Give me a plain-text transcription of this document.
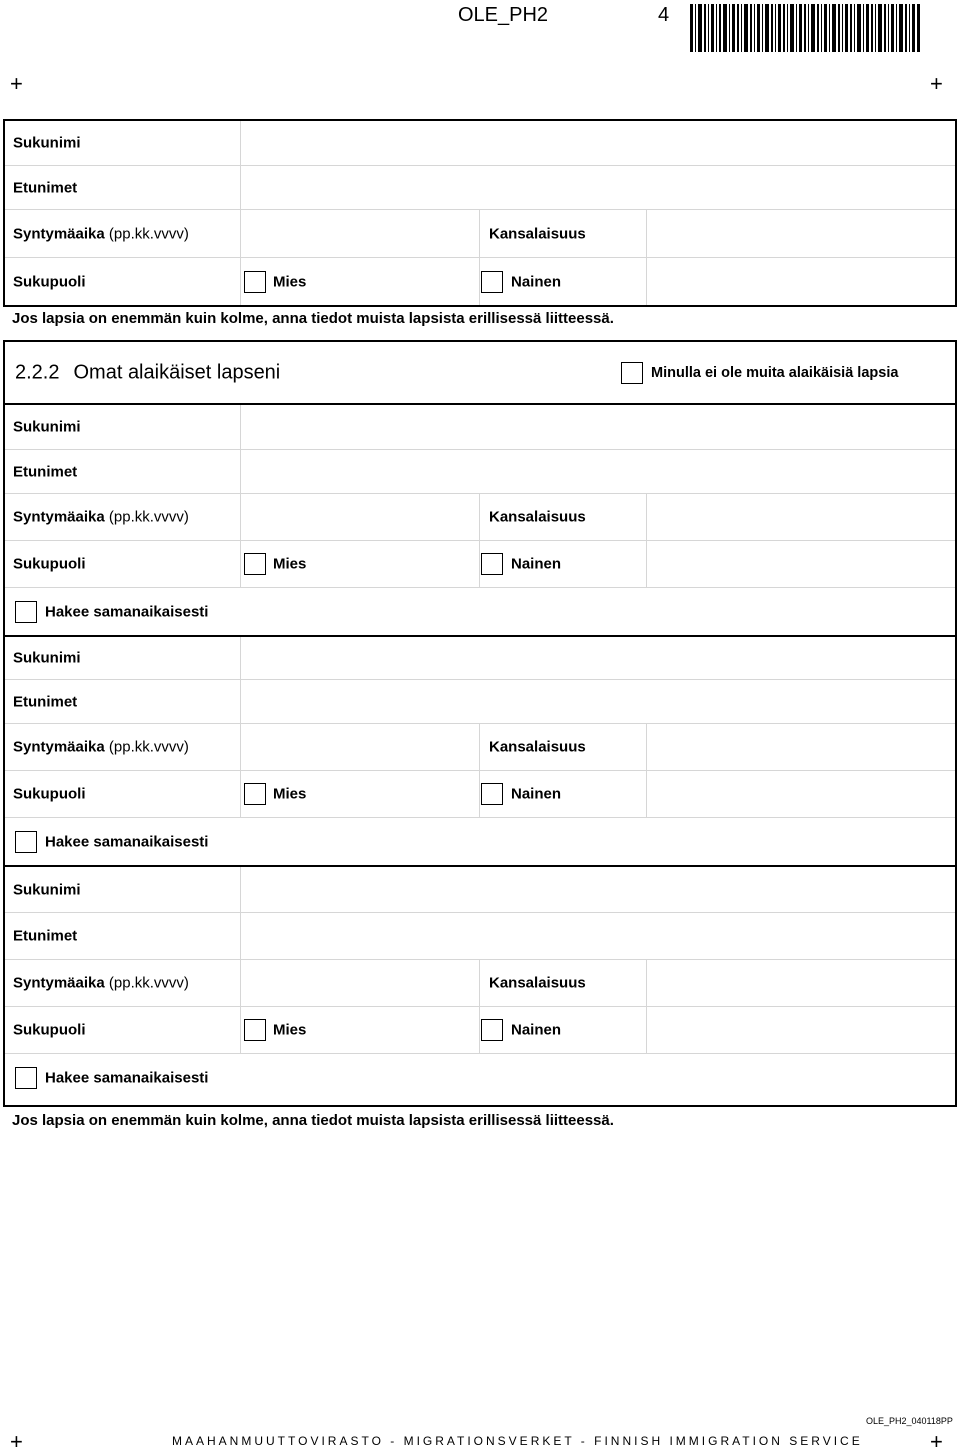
OLE_PH2	4
+	+
Sukunimi
Etunimet
Syntymäaika (pp.kk.vvvv)	Kansalaisuus
Sukupuoli	Mies	Nainen
Jos lapsia on enemmän kuin kolme, anna tiedot muista lapsista erillisessä liitteessä.
2.2.2 Omat alaikäiset lapseni	Minulla ei ole muita alaikäisiä lapsia
Sukunimi
Etunimet
Syntymäaika (pp.kk.vvvv)	Kansalaisuus
Sukupuoli	Mies	Nainen
Hakee samanaikaisesti
Sukunimi
Etunimet
Syntymäaika (pp.kk.vvvv)	Kansalaisuus
Sukupuoli	Mies	Nainen
Hakee samanaikaisesti
Sukunimi
Etunimet
Syntymäaika (pp.kk.vvvv)	Kansalaisuus
Sukupuoli	Mies	Nainen
Hakee samanaikaisesti
Jos lapsia on enemmän kuin kolme, anna tiedot muista lapsista erillisessä liitteessä.
OLE_PH2_040118PP
+	MAAHANMUUTTOVIRASTO - MIGRATIONSVERKET - FINNISH IMMIGRATION SERVICE	+
